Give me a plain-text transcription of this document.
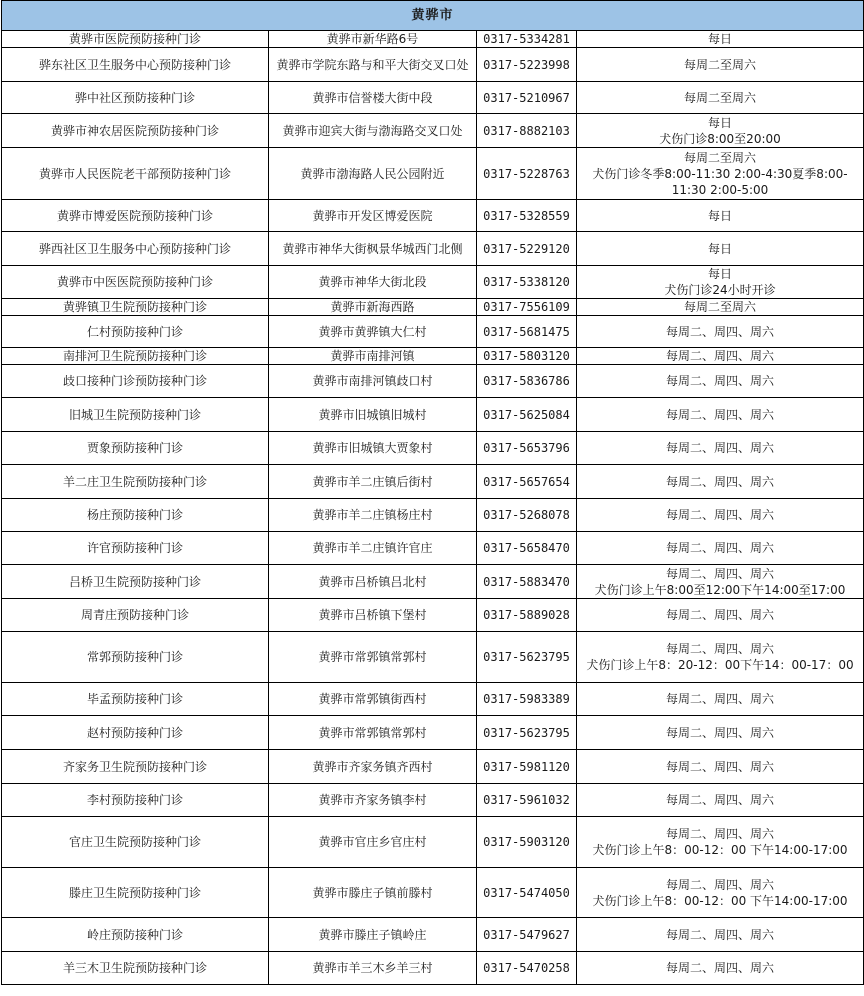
黄骅市			
黄骅市医院预防接种门诊	黄骅市新华路6号	0317-5334281	每日

骅东社区卫生服务中心预防接种门诊	黄骅市学院东路与和平大街交叉口处	0317-5223998	每周二至周六

骅中社区预防接种门诊	黄骅市信誉楼大街中段	0317-5210967	每周二至周六

黄骅市神农居医院预防接种门诊	黄骅市迎宾大街与渤海路交叉口处	0317-8882103	每日
犬伤门诊8:00至20:00

黄骅市人民医院老干部预防接种门诊	黄骅市渤海路人民公园附近	0317-5228763	每周二至周六
犬伤门诊冬季8:00-11:30 2:00-4:30夏季8:00-
11:30 2:00-5:00

黄骅市博爱医院预防接种门诊	黄骅市开发区博爱医院	0317-5328559	每日

骅西社区卫生服务中心预防接种门诊	黄骅市神华大街枫景华城西门北侧	0317-5229120	每日

黄骅市中医医院预防接种门诊	黄骅市神华大街北段	0317-5338120	每日
犬伤门诊24小时开诊

黄骅镇卫生院预防接种门诊	黄骅市新海西路	0317-7556109	每周二至周六

仁村预防接种门诊	黄骅市黄骅镇大仁村	0317-5681475	每周二、周四、周六

南排河卫生院预防接种门诊	黄骅市南排河镇	0317-5803120	每周二、周四、周六

歧口接种门诊预防接种门诊	黄骅市南排河镇歧口村	0317-5836786	每周二、周四、周六

旧城卫生院预防接种门诊	黄骅市旧城镇旧城村	0317-5625084	每周二、周四、周六

贾象预防接种门诊	黄骅市旧城镇大贾象村	0317-5653796	每周二、周四、周六

羊二庄卫生院预防接种门诊	黄骅市羊二庄镇后街村	0317-5657654	每周二、周四、周六

杨庄预防接种门诊	黄骅市羊二庄镇杨庄村	0317-5268078	每周二、周四、周六

许官预防接种门诊	黄骅市羊二庄镇许官庄	0317-5658470	每周二、周四、周六

吕桥卫生院预防接种门诊	黄骅市吕桥镇吕北村	0317-5883470	每周二、周四、周六
犬伤门诊上午8:00至12:00下午14:00至17:00

周青庄预防接种门诊	黄骅市吕桥镇下堡村	0317-5889028	每周二、周四、周六

常郭预防接种门诊	黄骅市常郭镇常郭村	0317-5623795	每周二、周四、周六
犬伤门诊上午8：20-12：00下午14：00-17：00

毕孟预防接种门诊	黄骅市常郭镇街西村	0317-5983389	每周二、周四、周六

赵村预防接种门诊	黄骅市常郭镇常郭村	0317-5623795	每周二、周四、周六

齐家务卫生院预防接种门诊	黄骅市齐家务镇齐西村	0317-5981120	每周二、周四、周六

李村预防接种门诊	黄骅市齐家务镇李村	0317-5961032	每周二、周四、周六

官庄卫生院预防接种门诊	黄骅市官庄乡官庄村	0317-5903120	每周二、周四、周六
犬伤门诊上午8：00-12：00 下午14:00-17:00

滕庄卫生院预防接种门诊	黄骅市滕庄子镇前滕村	0317-5474050	每周二、周四、周六
犬伤门诊上午8：00-12：00 下午14:00-17:00

岭庄预防接种门诊	黄骅市滕庄子镇岭庄	0317-5479627	每周二、周四、周六

羊三木卫生院预防接种门诊	黄骅市羊三木乡羊三村	0317-5470258	每周二、周四、周六
